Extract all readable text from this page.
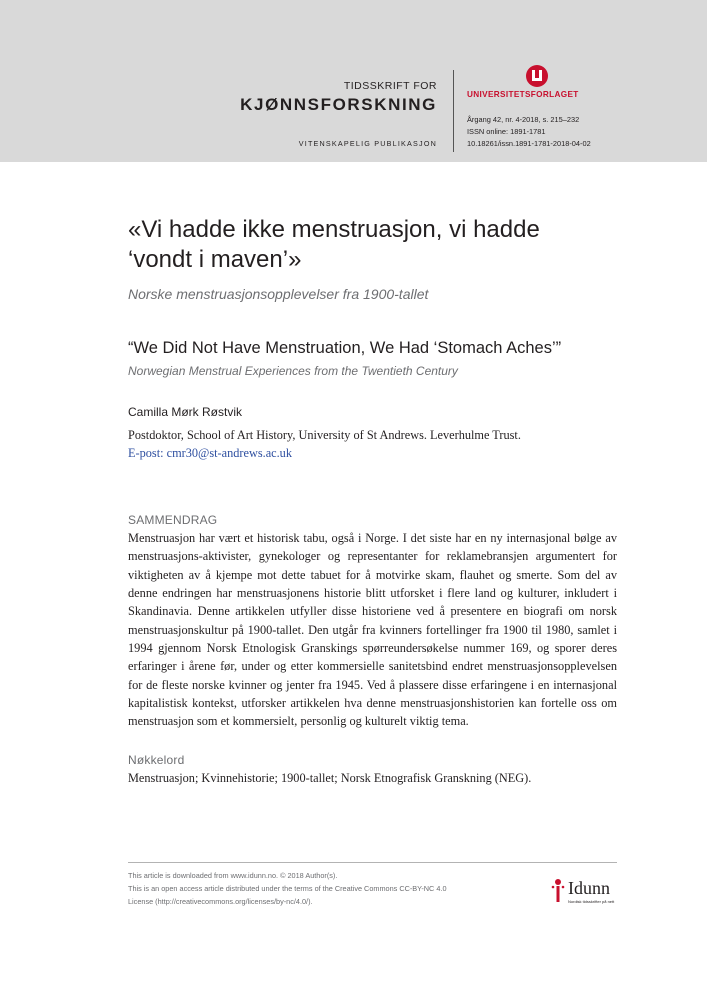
TIDSSKRIFT FOR
KJØNNSFORSKNING
VITENSKAPELIG PUBLIKASJON
UNIVERSITETSFORLAGET
Årgang 42, nr. 4-2018, s. 215–232
ISSN online: 1891-1781
10.18261/issn.1891-1781-2018-04-02
«Vi hadde ikke menstruasjon, vi hadde
‘vondt i maven’»
Norske menstruasjonsopplevelser fra 1900-tallet
“We Did Not Have Menstruation, We Had ‘Stomach Aches’”
Norwegian Menstrual Experiences from the Twentieth Century
Camilla Mørk Røstvik
Postdoktor, School of Art History, University of St Andrews. Leverhulme Trust.
E-post: cmr30@st-andrews.ac.uk
SAMMENDRAG
Menstruasjon har vært et historisk tabu, også i Norge. I det siste har en ny internasjonal bølge av menstruasjons-aktivister, gynekologer og representanter for reklamebransjen argumentert for viktigheten av å kjempe mot dette tabuet for å motvirke skam, flauhet og smerte. Som del av denne endringen har menstruasjonens historie blitt utforsket i flere land og kulturer, inkludert i Skandinavia. Denne artikkelen utfyller disse historiene ved å presentere en biografi om norsk menstruasjonskultur på 1900-tallet. Den utgår fra kvinners fortellinger fra 1900 til 1980, samlet i 1994 gjennom Norsk Etnologisk Granskings spørreundersøkelse nummer 169, og sporer deres erfaringer i årene før, under og etter kommersielle sanitetsbind endret menstruasjonsopplevelsen for de fleste norske kvinner og jenter fra 1945. Ved å plassere disse erfaringene i en internasjonal kapitalistisk kontekst, utforsker artikkelen hva denne menstruasjonshistorien kan fortelle oss om menstruasjon som et kommersielt, personlig og kulturelt viktig tema.
Nøkkelord
Menstruasjon; Kvinnehistorie; 1900-tallet; Norsk Etnografisk Granskning (NEG).
This article is downloaded from www.idunn.no. © 2018 Author(s).
This is an open access article distributed under the terms of the Creative Commons CC-BY-NC 4.0
License (http://creativecommons.org/licenses/by-nc/4.0/).
Idunn
Nordisk tidsskrifter på nett
